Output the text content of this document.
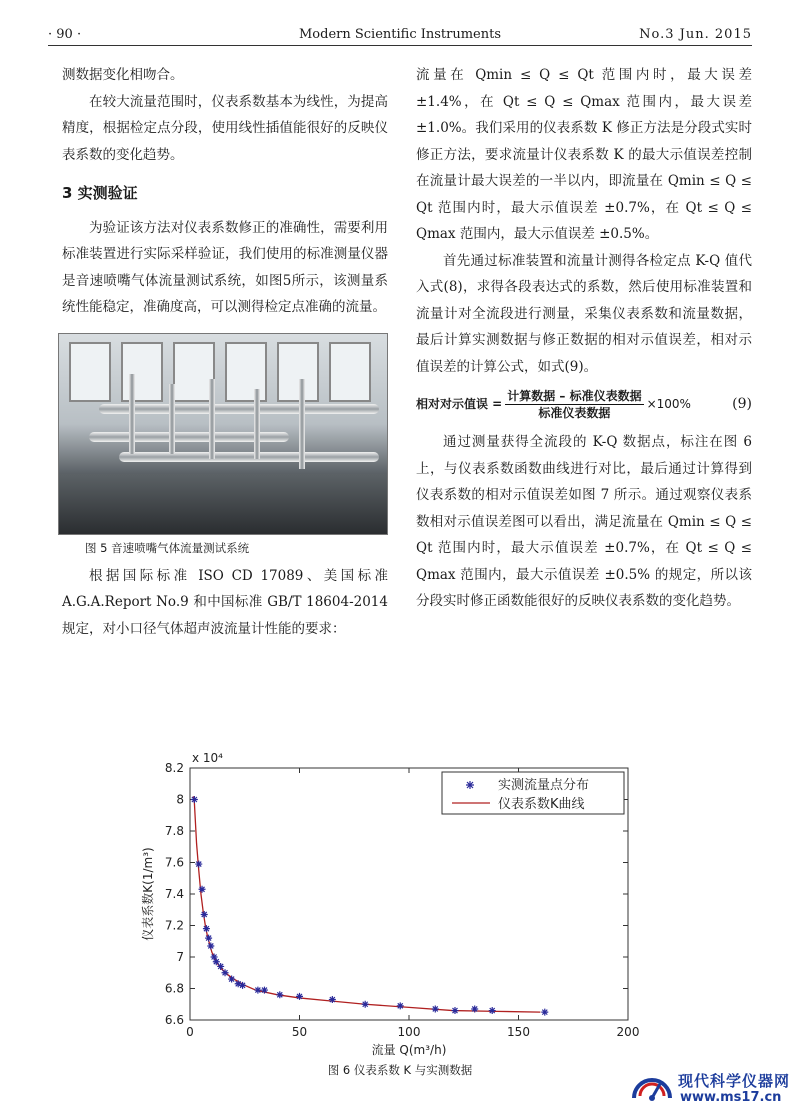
· 90 ·	Modern Scientific Instruments	No.3 Jun. 2015

测数据变化相吻合。

在较大流量范围时，仪表系数基本为线性，为提高精度，根据检定点分段，使用线性插值能很好的反映仪表系数的变化趋势。

3 实测验证

为验证该方法对仪表系数修正的准确性，需要利用标准装置进行实际采样验证，我们使用的标准测量仪器是音速喷嘴气体流量测试系统，如图5所示，该测量系统性能稳定，准确度高，可以测得检定点准确的流量。

图 5 音速喷嘴气体流量测试系统

根据国际标准 ISO CD 17089、美国标准 A.G.A.Report No.9 和中国标准 GB/T 18604-2014 规定，对小口径气体超声波流量计性能的要求：

流量在 Qmin ≤ Q ≤ Qt 范围内时，最大误差 ±1.4%，在 Qt ≤ Q ≤ Qmax 范围内，最大误差 ±1.0%。我们采用的仪表系数 K 修正方法是分段式实时修正方法，要求流量计仪表系数 K 的最大示值误差控制在流量计最大误差的一半以内，即流量在 Qmin ≤ Q ≤ Qt 范围内时，最大示值误差 ±0.7%，在 Qt ≤ Q ≤ Qmax 范围内，最大示值误差 ±0.5%。

首先通过标准装置和流量计测得各检定点 K-Q 值代入式(8)，求得各段表达式的系数，然后使用标准装置和流量计对全流段进行测量，采集仪表系数和流量数据，最后计算实测数据与修正数据的相对示值误差，相对示值误差的计算公式，如式(9)。

相对对示值误 = $\frac{\text{计算数据 – 标准仪表数据}}{\text{标准仪表数据}} \times 100\%$	(9)

通过测量获得全流段的 K-Q 数据点，标注在图 6 上，与仪表系数函数曲线进行对比，最后通过计算得到仪表系数的相对示值误差如图 7 所示。通过观察仪表系数相对示值误差图可以看出，满足流量在 Qmin ≤ Q ≤ Qt 范围内时，最大示值误差 ±0.7%，在 Qt ≤ Q ≤ Qmax 范围内，最大示值误差 ±0.5% 的规定，所以该分段实时修正函数能很好的反映仪表系数的变化趋势。

0	50	100	150	200
6.6
6.8
7
7.2
7.4
7.6
7.8
8
8.2
x 10⁴
流量 Q(m³/h)
仪表系数K(1/m³)
实测流量点分布
仪表系数K曲线
图 6 仪表系数 K 与实测数据
现代科学仪器网
www.ms17.cn
